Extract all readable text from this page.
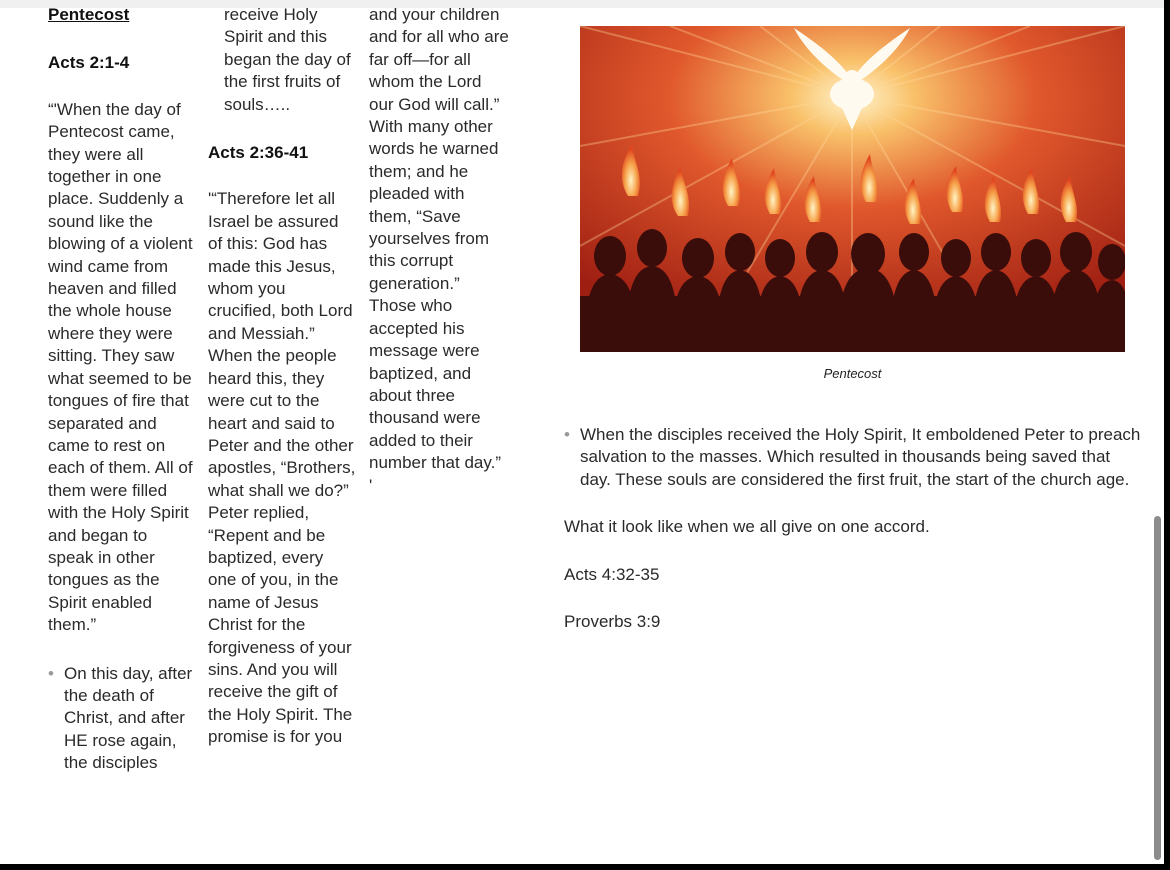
Pentecost

Acts 2:1-4

“'When the day of Pentecost came, they were all together in one place. Suddenly a sound like the blowing of a violent wind came from heaven and filled the whole house where they were sitting. They saw what seemed to be tongues of fire that separated and came to rest on each of them. All of them were filled with the Holy Spirit and began to speak in other tongues as the Spirit enabled them.”

• On this day, after the death of Christ, and after HE rose again, the disciples

receive Holy Spirit and this began the day of the first fruits of souls…..

Acts 2:36-41

'“Therefore let all Israel be assured of this: God has made this Jesus, whom you crucified, both Lord and Messiah.” When the people heard this, they were cut to the heart and said to Peter and the other apostles, “Brothers, what shall we do?” Peter replied, “Repent and be baptized, every one of you, in the name of Jesus Christ for the forgiveness of your sins. And you will receive the gift of the Holy Spirit. The promise is for you

and your children and for all who are far off—for all whom the Lord our God will call.” With many other words he warned them; and he pleaded with them, “Save yourselves from this corrupt generation.” Those who accepted his message were baptized, and about three thousand were added to their number that day.”

'

Pentecost
• When the disciples received the Holy Spirit, It emboldened Peter to preach salvation to the masses. Which resulted in thousands being saved that day. These souls are considered the first fruit, the start of the church age.

What it look like when we all give on one accord.

Acts 4:32-35

Proverbs 3:9
